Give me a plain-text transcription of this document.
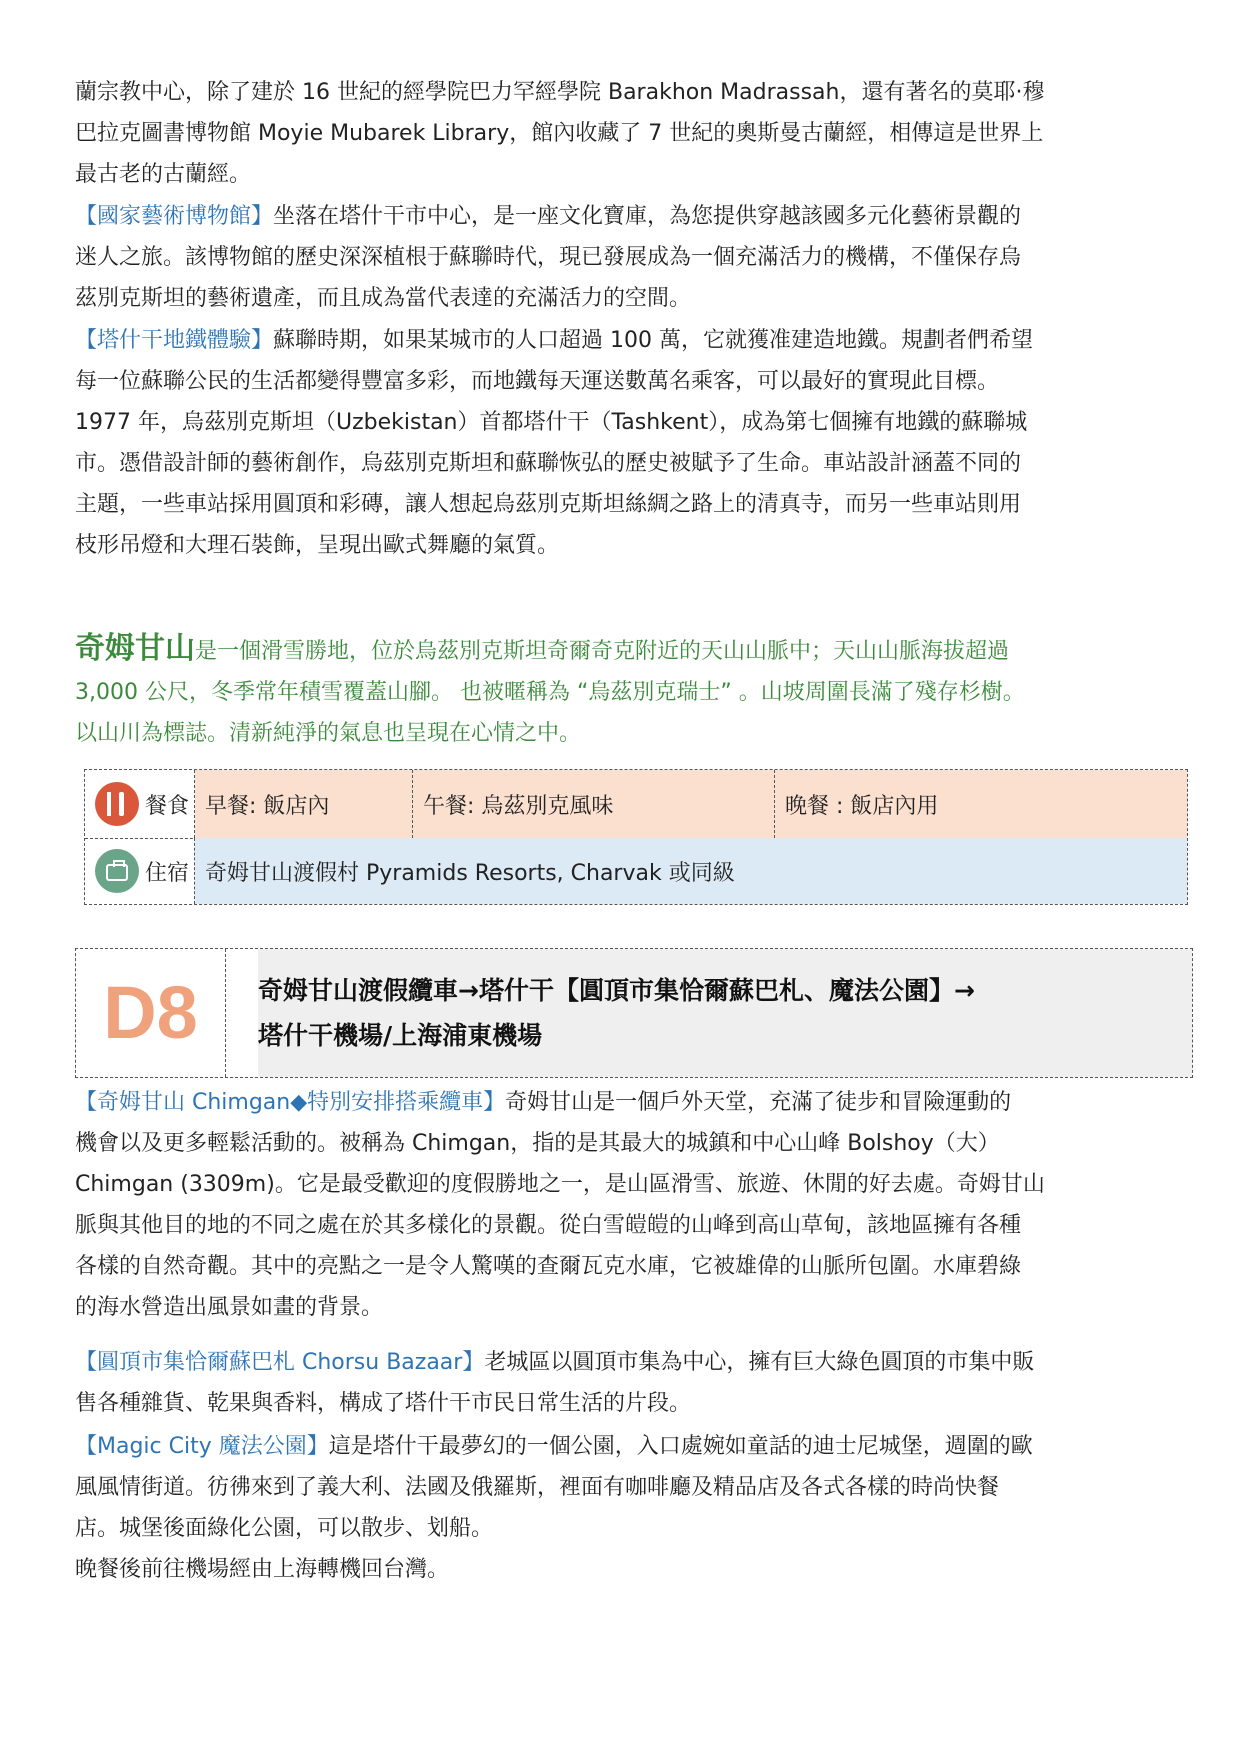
蘭宗教中心，除了建於 16 世紀的經學院巴力罕經學院 Barakhon Madrassah，還有著名的莫耶·穆
巴拉克圖書博物館 Moyie Mubarek Library，館內收藏了 7 世紀的奧斯曼古蘭經，相傳這是世界上
最古老的古蘭經。

【國家藝術博物館】坐落在塔什干市中心，是一座文化寶庫，為您提供穿越該國多元化藝術景觀的
迷人之旅。該博物館的歷史深深植根于蘇聯時代，現已發展成為一個充滿活力的機構，不僅保存烏
茲別克斯坦的藝術遺產，而且成為當代表達的充滿活力的空間。

【塔什干地鐵體驗】蘇聯時期，如果某城市的人口超過 100 萬，它就獲准建造地鐵。規劃者們希望
每一位蘇聯公民的生活都變得豐富多彩，而地鐵每天運送數萬名乘客，可以最好的實現此目標。
1977 年，烏茲別克斯坦（Uzbekistan）首都塔什干（Tashkent），成為第七個擁有地鐵的蘇聯城
市。憑借設計師的藝術創作，烏茲別克斯坦和蘇聯恢弘的歷史被賦予了生命。車站設計涵蓋不同的
主題，一些車站採用圓頂和彩磚，讓人想起烏茲別克斯坦絲綢之路上的清真寺，而另一些車站則用
枝形吊燈和大理石裝飾，呈現出歐式舞廳的氣質。

奇姆甘山是一個滑雪勝地，位於烏茲別克斯坦奇爾奇克附近的天山山脈中；天山山脈海拔超過
3,000 公尺，冬季常年積雪覆蓋山腳。 也被暱稱為 “烏茲別克瑞士” 。山坡周圍長滿了殘存杉樹。
以山川為標誌。清新純淨的氣息也呈現在心情之中。

餐食 早餐: 飯店內	午餐: 烏茲別克風味	晚餐 : 飯店內用
住宿 奇姆甘山渡假村 Pyramids Resorts, Charvak 或同級
D8	奇姆甘山渡假纜車→塔什干【圓頂市集恰爾蘇巴札、魔法公園】→
塔什干機場/上海浦東機場

【奇姆甘山 Chimgan◆特別安排搭乘纜車】奇姆甘山是一個戶外天堂，充滿了徒步和冒險運動的
機會以及更多輕鬆活動的。被稱為 Chimgan，指的是其最大的城鎮和中心山峰 Bolshoy（大）
Chimgan (3309m)。它是最受歡迎的度假勝地之一，是山區滑雪、旅遊、休閒的好去處。奇姆甘山
脈與其他目的地的不同之處在於其多樣化的景觀。從白雪皚皚的山峰到高山草甸，該地區擁有各種
各樣的自然奇觀。其中的亮點之一是令人驚嘆的查爾瓦克水庫，它被雄偉的山脈所包圍。水庫碧綠
的海水營造出風景如畫的背景。

【圓頂市集恰爾蘇巴札 Chorsu Bazaar】老城區以圓頂市集為中心，擁有巨大綠色圓頂的市集中販
售各種雜貨、乾果與香料，構成了塔什干市民日常生活的片段。

【Magic City 魔法公園】這是塔什干最夢幻的一個公園，入口處婉如童話的迪士尼城堡，週圍的歐
風風情街道。彷彿來到了義大利、法國及俄羅斯，裡面有咖啡廳及精品店及各式各樣的時尚快餐
店。城堡後面綠化公園，可以散步、划船。
晚餐後前往機場經由上海轉機回台灣。
